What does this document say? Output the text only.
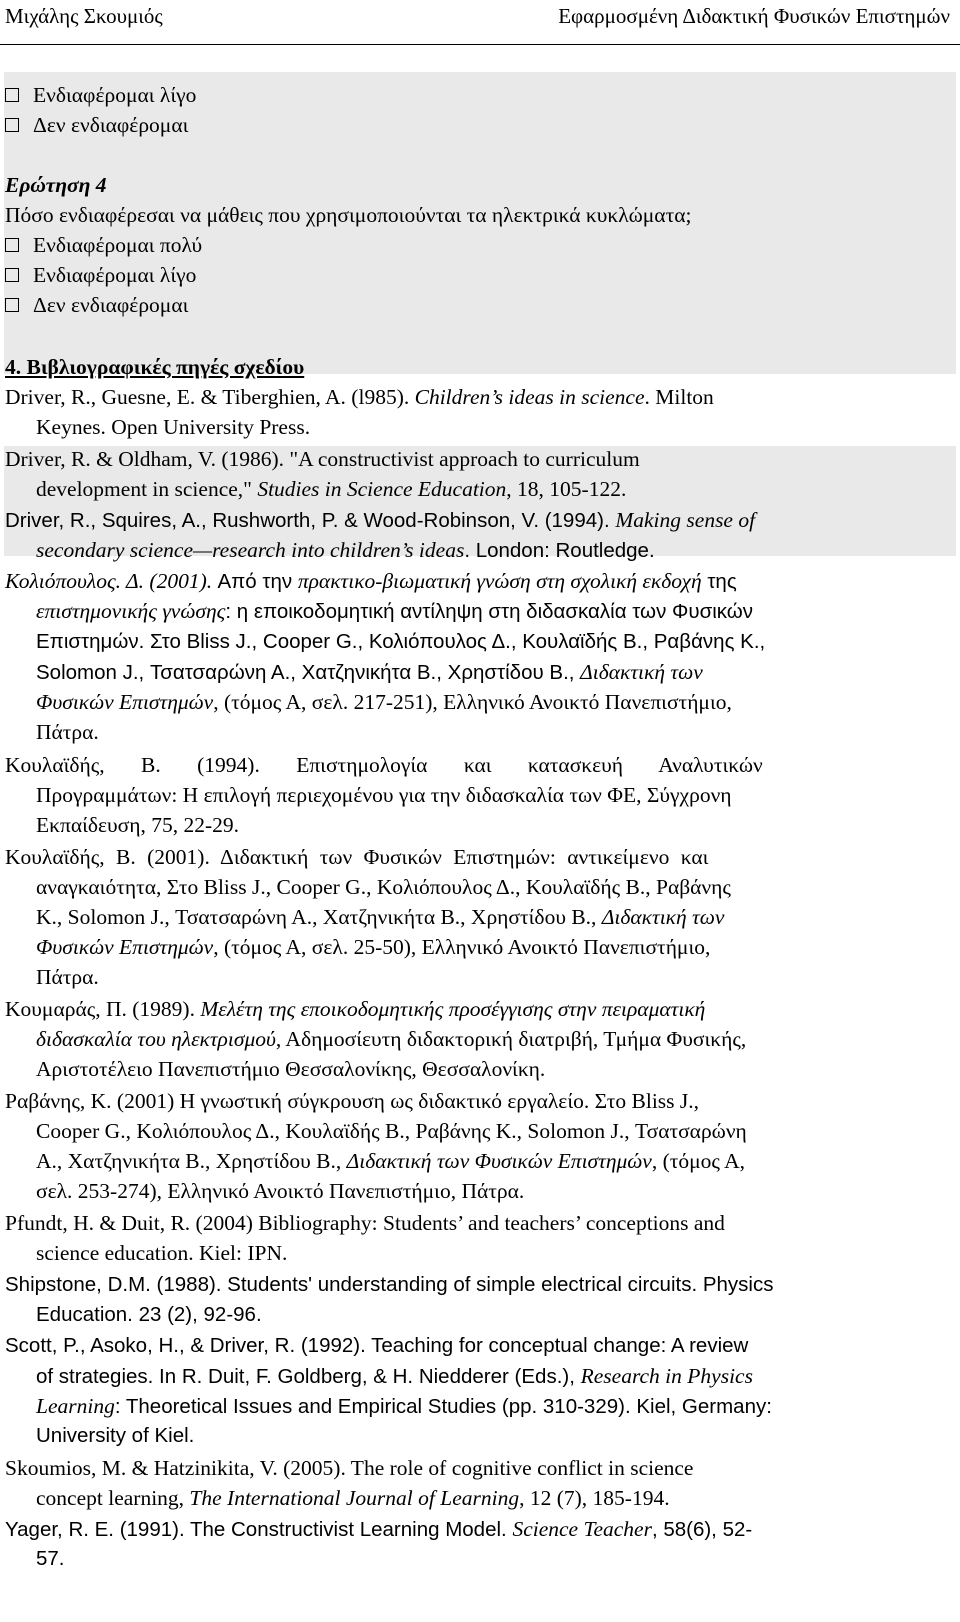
Μιχάλης Σκουμιός	Εφαρμοσμένη Διδακτική Φυσικών Επιστημών
Ενδιαφέρομαι λίγο
Δεν ενδιαφέρομαι
Ερώτηση 4
Πόσο ενδιαφέρεσαι να μάθεις που χρησιμοποιούνται τα ηλεκτρικά κυκλώματα;
Ενδιαφέρομαι πολύ
Ενδιαφέρομαι λίγο
Δεν ενδιαφέρομαι
4. Βιβλιογραφικές πηγές σχεδίου
Driver, R., Guesne, E. & Tiberghien, A. (l985). Children’s ideas in science. Milton
Keynes. Open University Press.
Driver, R. & Oldham, V. (1986). "A constructivist approach to curriculum
development in science," Studies in Science Education, 18, 105-122.
Driver, R., Squires, A., Rushworth, P. & Wood-Robinson, V. (1994). Making sense of
secondary science—research into children’s ideas. London: Routledge.
Κολιόπουλος. Δ. (2001). Από την πρακτικο-βιωματική γνώση στη σχολική εκδοχή της
επιστημονικής γνώσης: η εποικοδομητική αντίληψη στη διδασκαλία των Φυσικών
Επιστημών. Στο Bliss J., Cooper G., Κολιόπουλος Δ., Κουλαϊδής Β., Ραβάνης Κ.,
Solomon J., Τσατσαρώνη Α., Χατζηνικήτα Β., Χρηστίδου Β., Διδακτική των
Φυσικών Επιστημών, (τόμος Α, σελ. 217-251), Ελληνικό Ανοικτό Πανεπιστήμιο,
Πάτρα.
Κουλαϊδής, Β. (1994). Επιστημολογία και κατασκευή Αναλυτικών
Προγραμμάτων: Η επιλογή περιεχομένου για την διδασκαλία των ΦΕ, Σύγχρονη
Εκπαίδευση, 75, 22-29.
Κουλαϊδής, Β. (2001). Διδακτική των Φυσικών Επιστημών: αντικείμενο και
αναγκαιότητα, Στο Bliss J., Cooper G., Κολιόπουλος Δ., Κουλαϊδής Β., Ραβάνης
Κ., Solomon J., Τσατσαρώνη Α., Χατζηνικήτα Β., Χρηστίδου Β., Διδακτική των
Φυσικών Επιστημών, (τόμος Α, σελ. 25-50), Ελληνικό Ανοικτό Πανεπιστήμιο,
Πάτρα.
Κουμαράς, Π. (1989). Μελέτη της εποικοδομητικής προσέγγισης στην πειραματική
διδασκαλία του ηλεκτρισμού, Αδημοσίευτη διδακτορική διατριβή, Τμήμα Φυσικής,
Αριστοτέλειο Πανεπιστήμιο Θεσσαλονίκης, Θεσσαλονίκη.
Ραβάνης, Κ. (2001) Η γνωστική σύγκρουση ως διδακτικό εργαλείο. Στο Bliss J.,
Cooper G., Κολιόπουλος Δ., Κουλαϊδής Β., Ραβάνης Κ., Solomon J., Τσατσαρώνη
Α., Χατζηνικήτα Β., Χρηστίδου Β., Διδακτική των Φυσικών Επιστημών, (τόμος Α,
σελ. 253-274), Ελληνικό Ανοικτό Πανεπιστήμιο, Πάτρα.
Pfundt, H. & Duit, R. (2004) Bibliography: Students’ and teachers’ conceptions and
science education. Kiel: IPN.
Shipstone, D.M. (1988). Students' understanding of simple electrical circuits. Physics
Education. 23 (2), 92-96.
Scott, P., Asoko, H., & Driver, R. (1992). Teaching for conceptual change: A review
of strategies. In R. Duit, F. Goldberg, & H. Niedderer (Eds.), Research in Physics
Learning: Theoretical Issues and Empirical Studies (pp. 310-329). Kiel, Germany:
University of Kiel.
Skoumios, M. & Hatzinikita, V. (2005). The role of cognitive conflict in science
concept learning, The International Journal of Learning, 12 (7), 185-194.
Yager, R. E. (1991). The Constructivist Learning Model. Science Teacher, 58(6), 52-
57.
